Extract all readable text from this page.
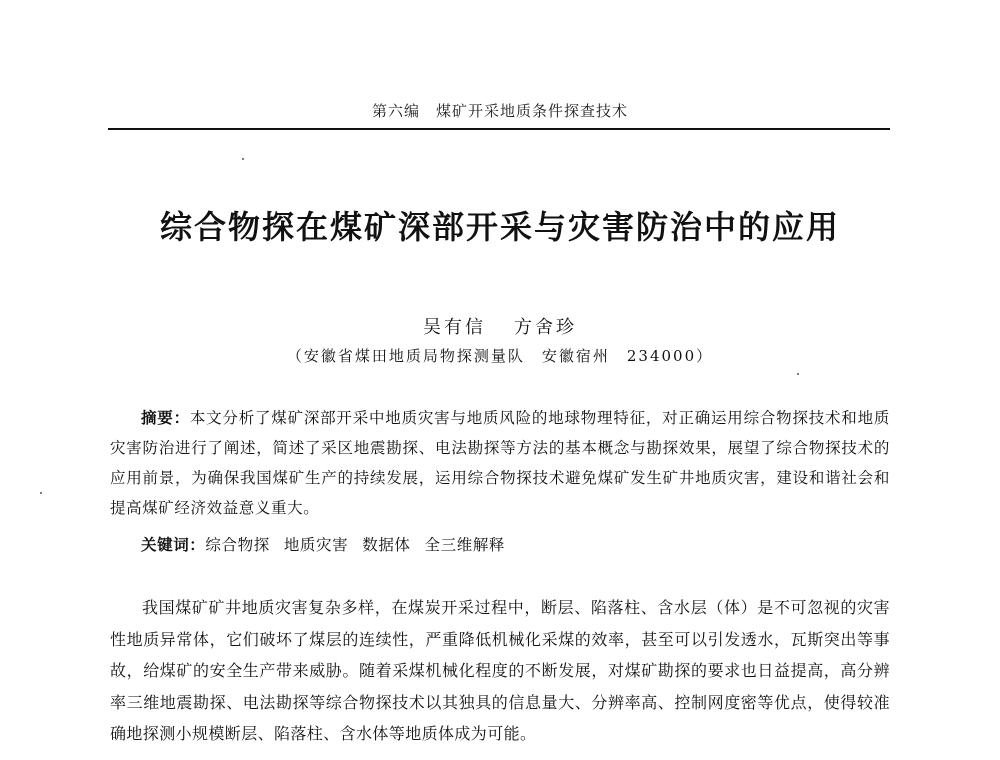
第六编　煤矿开采地质条件探查技术
综合物探在煤矿深部开采与灾害防治中的应用
吴有信 方舍珍
（安徽省煤田地质局物探测量队　安徽宿州　234000）
摘要：本文分析了煤矿深部开采中地质灾害与地质风险的地球物理特征，对正确运用综合物探技术和地质灾害防治进行了阐述，简述了采区地震勘探、电法勘探等方法的基本概念与勘探效果，展望了综合物探技术的应用前景，为确保我国煤矿生产的持续发展，运用综合物探技术避免煤矿发生矿井地质灾害，建设和谐社会和提高煤矿经济效益意义重大。
关键词：综合物探 地质灾害 数据体 全三维解释
我国煤矿矿井地质灾害复杂多样，在煤炭开采过程中，断层、陷落柱、含水层（体）是不可忽视的灾害性地质异常体，它们破坏了煤层的连续性，严重降低机械化采煤的效率，甚至可以引发透水，瓦斯突出等事故，给煤矿的安全生产带来威胁。随着采煤机械化程度的不断发展，对煤矿勘探的要求也日益提高，高分辨率三维地震勘探、电法勘探等综合物探技术以其独具的信息量大、分辨率高、控制网度密等优点，使得较准确地探测小规模断层、陷落柱、含水体等地质体成为可能。
